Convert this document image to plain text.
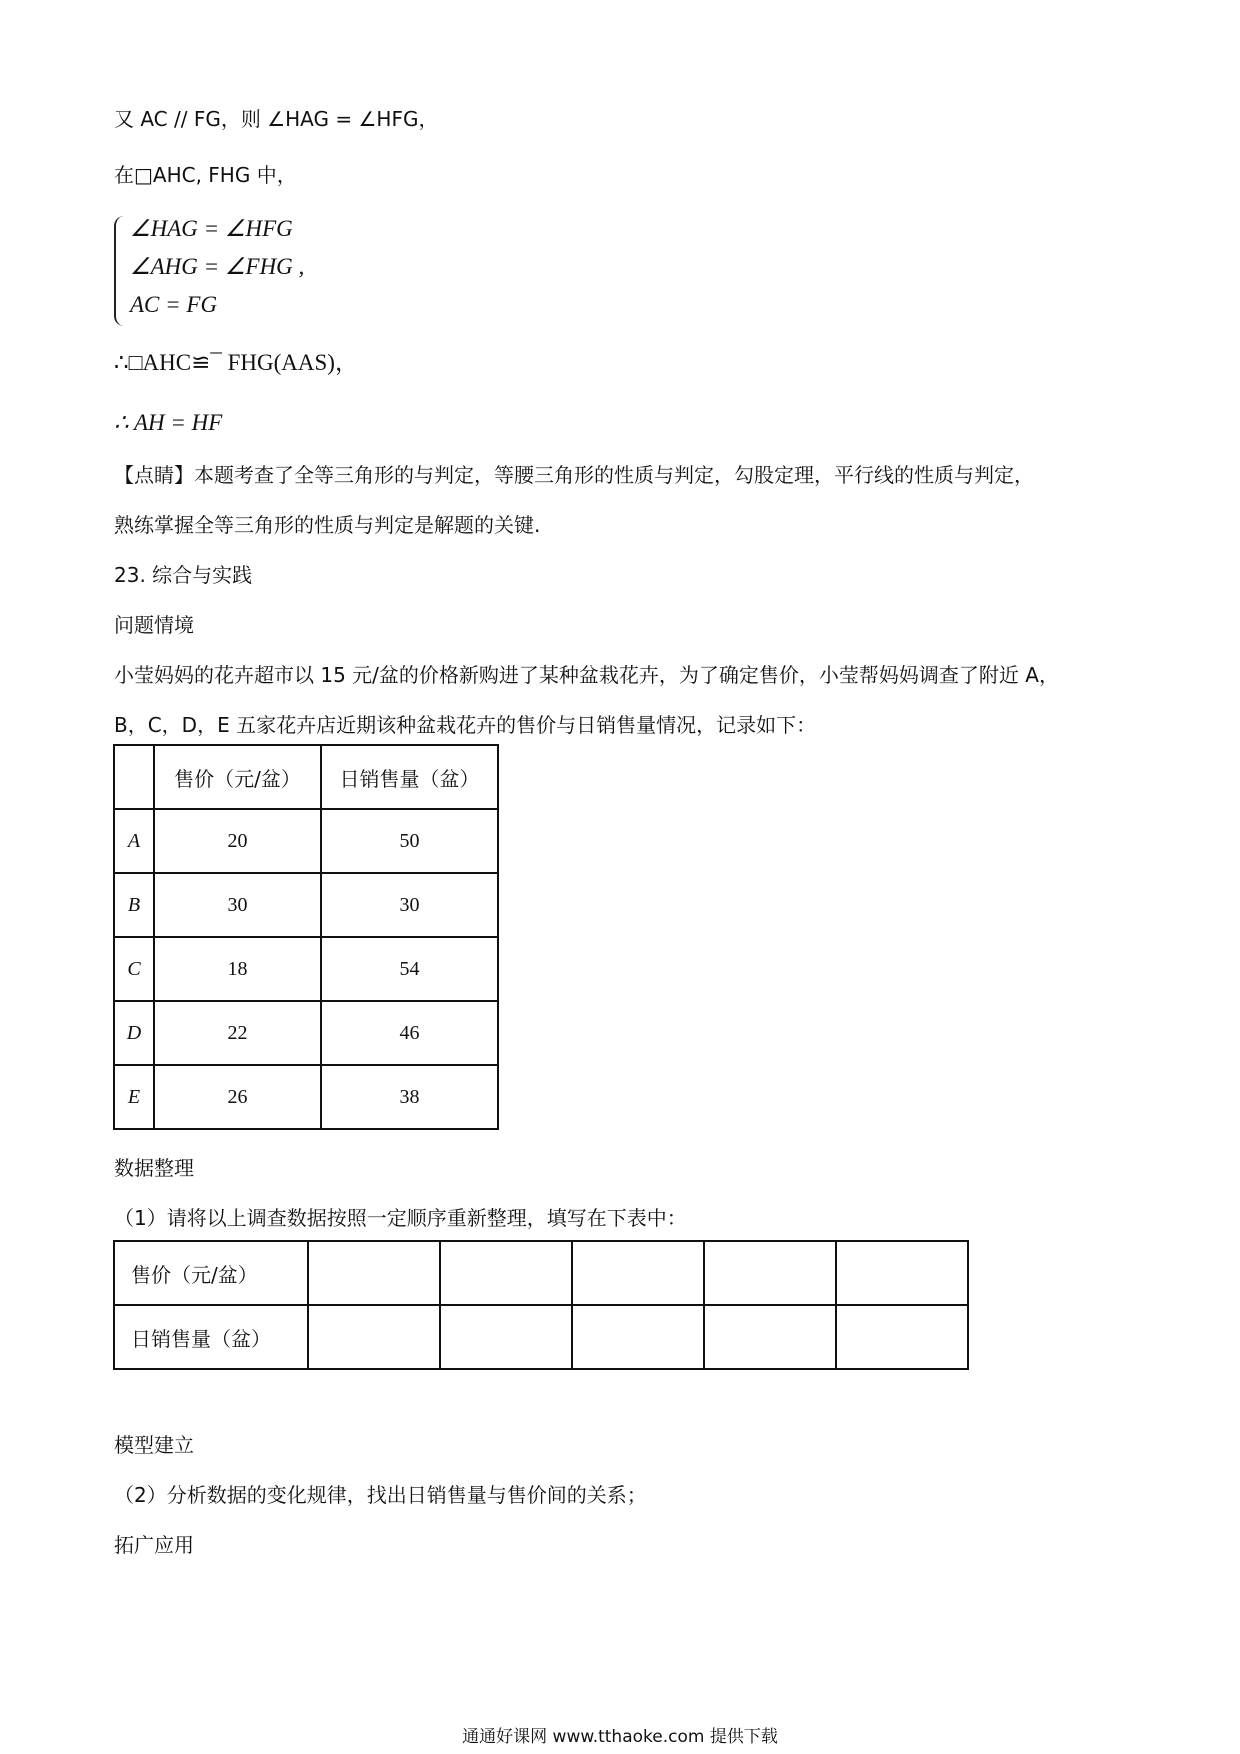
又 AC // FG，则 ∠HAG = ∠HFG，
在□AHC, FHG 中，
∠HAG = ∠HFG
∠AHG = ∠FHG ,
AC = FG
∴□AHC≌¯ FHG(AAS)，
∴ AH = HF
【点睛】本题考查了全等三角形的与判定，等腰三角形的性质与判定，勾股定理，平行线的性质与判定，
熟练掌握全等三角形的性质与判定是解题的关键.
23. 综合与实践
问题情境
小莹妈妈的花卉超市以 15 元/盆的价格新购进了某种盆栽花卉，为了确定售价，小莹帮妈妈调查了附近 A，
B，C，D，E 五家花卉店近期该种盆栽花卉的售价与日销售量情况，记录如下：
	售价（元/盆）	日销售量（盆）
A	20	50
B	30	30
C	18	54
D	22	46
E	26	38
数据整理
（1）请将以上调查数据按照一定顺序重新整理，填写在下表中：
售价（元/盆）					
日销售量（盆）					
模型建立
（2）分析数据的变化规律，找出日销售量与售价间的关系；
拓广应用
通通好课网 www.tthaoke.com 提供下载
